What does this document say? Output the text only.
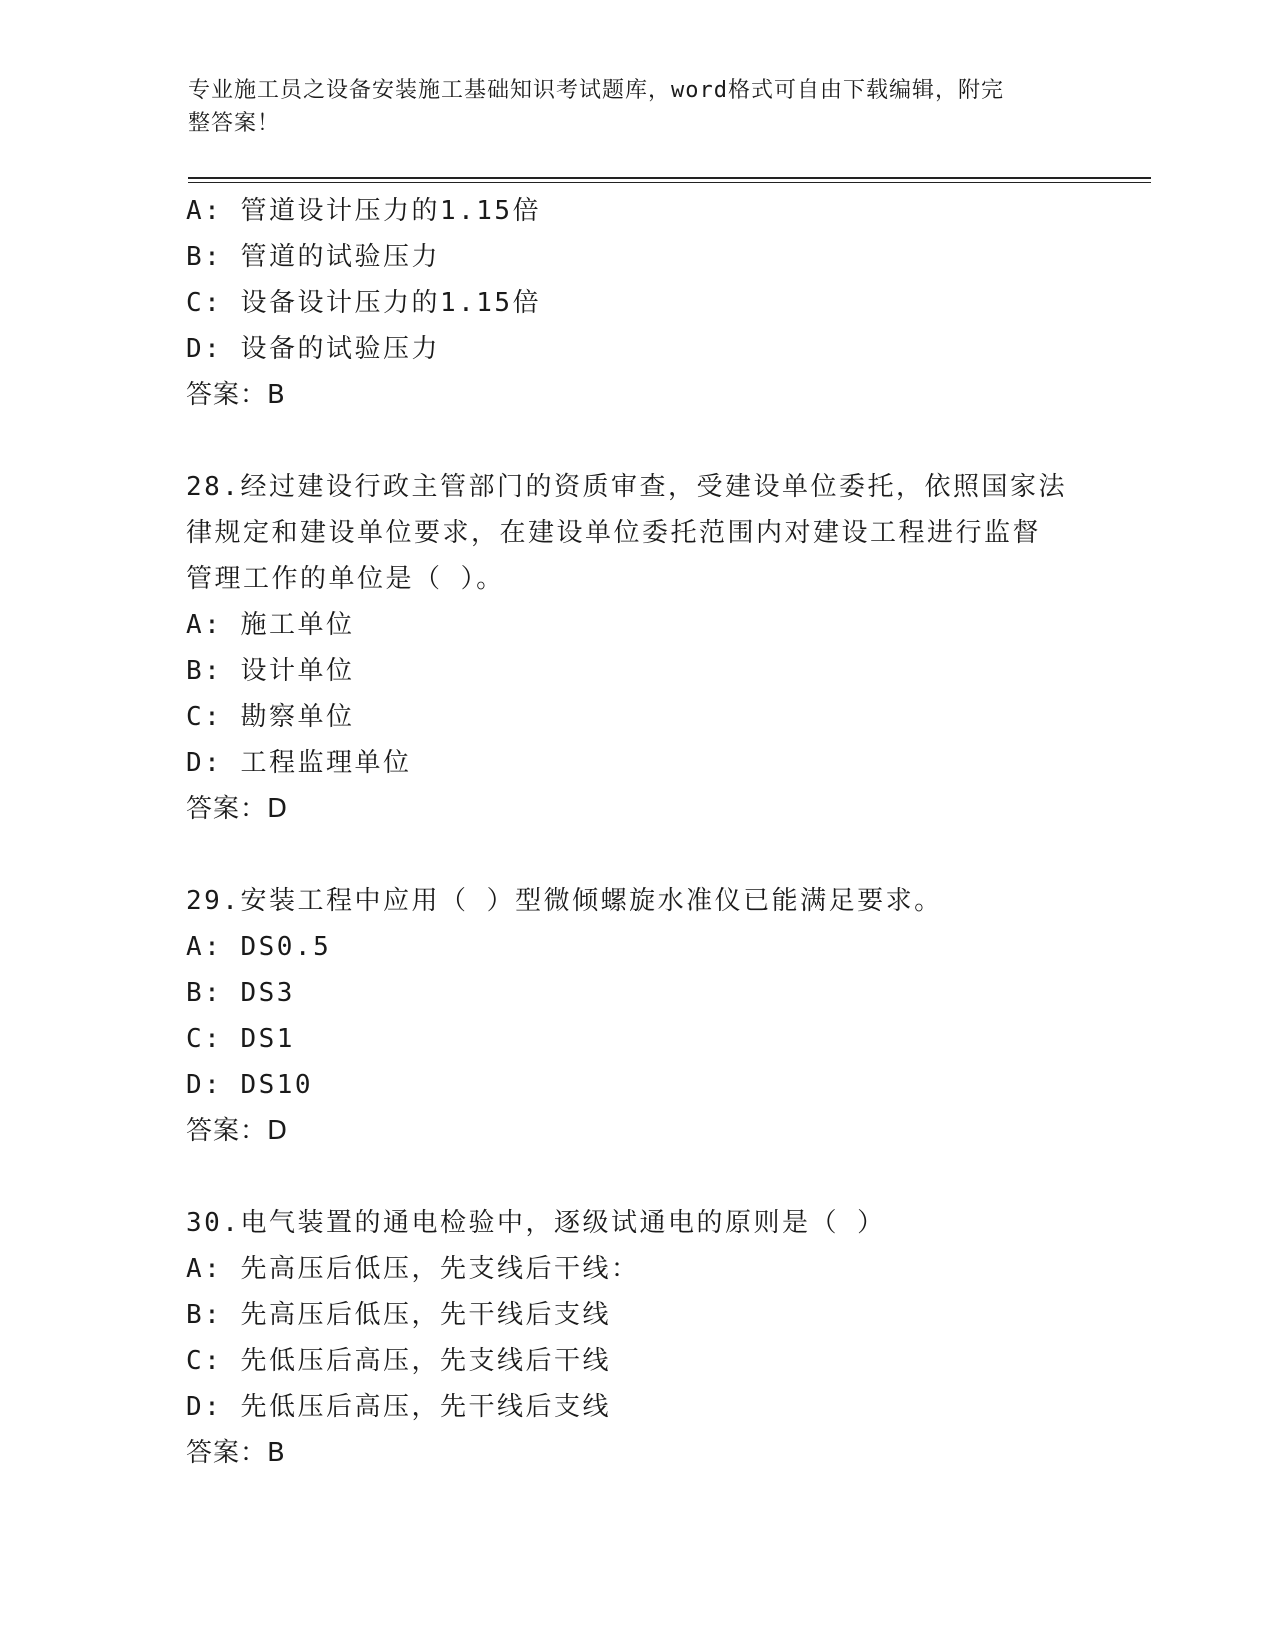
专业施工员之设备安装施工基础知识考试题库，word格式可自由下载编辑，附完
整答案！
A: 管道设计压力的1.15倍
B: 管道的试验压力
C: 设备设计压力的1.15倍
D: 设备的试验压力
答案：B
28.经过建设行政主管部门的资质审查，受建设单位委托，依照国家法
律规定和建设单位要求，在建设单位委托范围内对建设工程进行监督
管理工作的单位是（ ）。
A: 施工单位
B: 设计单位
C: 勘察单位
D: 工程监理单位
答案：D
29.安装工程中应用（ ）型微倾螺旋水准仪已能满足要求。
A: DS0.5
B: DS3
C: DS1
D: DS10
答案：D
30.电气装置的通电检验中，逐级试通电的原则是（ ）
A: 先高压后低压，先支线后干线：
B: 先高压后低压，先干线后支线
C: 先低压后高压，先支线后干线
D: 先低压后高压，先干线后支线
答案：B
